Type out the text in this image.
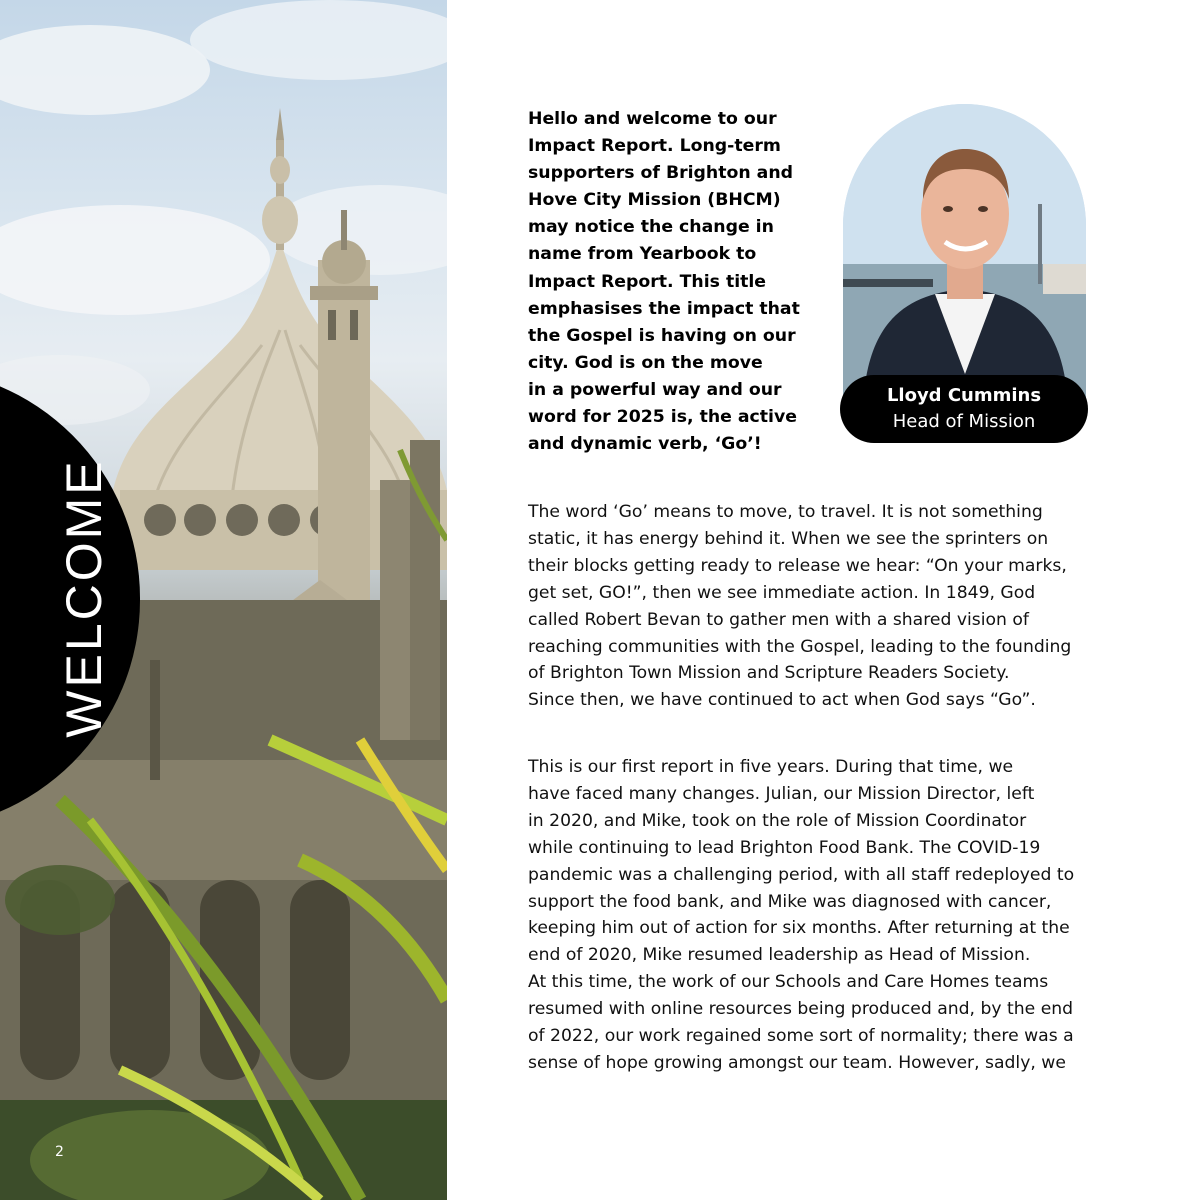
WELCOME
2
Hello and welcome to our
Impact Report. Long-term
supporters of Brighton and
Hove City Mission (BHCM)
may notice the change in
name from Yearbook to
Impact Report. This title
emphasises the impact that
the Gospel is having on our
city. God is on the move
in a powerful way and our
word for 2025 is, the active
and dynamic verb, ‘Go’!
Lloyd Cummins
Head of Mission
The word ‘Go’ means to move, to travel. It is not something
static, it has energy behind it. When we see the sprinters on
their blocks getting ready to release we hear: “On your marks,
get set, GO!”, then we see immediate action. In 1849, God
called Robert Bevan to gather men with a shared vision of
reaching communities with the Gospel, leading to the founding
of Brighton Town Mission and Scripture Readers Society.
Since then, we have continued to act when God says “Go”.
This is our first report in five years. During that time, we
have faced many changes. Julian, our Mission Director, left
in 2020, and Mike, took on the role of Mission Coordinator
while continuing to lead Brighton Food Bank. The COVID-19
pandemic was a challenging period, with all staff redeployed to
support the food bank, and Mike was diagnosed with cancer,
keeping him out of action for six months. After returning at the
end of 2020, Mike resumed leadership as Head of Mission.
At this time, the work of our Schools and Care Homes teams
resumed with online resources being produced and, by the end
of 2022, our work regained some sort of normality; there was a
sense of hope growing amongst our team. However, sadly, we
